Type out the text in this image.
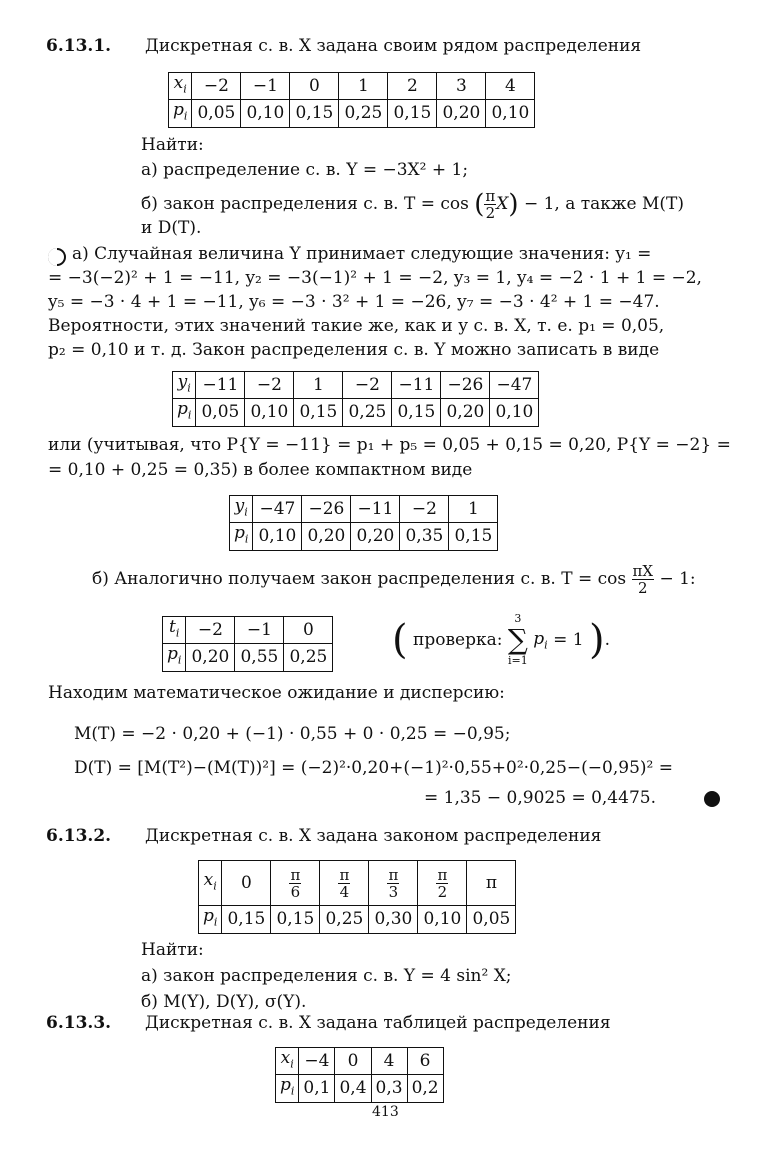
6.13.1. Дискретная с. в. X задана своим рядом распределения
$x_i$	−2	−1	0	1	2	3	4
$p_i$	0,05	0,10	0,15	0,25	0,15	0,20	0,10
Найти:
а) распределение с. в. Y = −3X² + 1;
б) закон распределения с. в. T = cos ( $\frac{\pi}{2} X) - 1$, а также M(T)
и D(T).
а) Случайная величина Y принимает следующие значения: y₁ =
= −3(−2)² + 1 = −11, y₂ = −3(−1)² + 1 = −2, y₃ = 1, y₄ = −2 · 1 + 1 = −2,
y₅ = −3 · 4 + 1 = −11, y₆ = −3 · 3² + 1 = −26, y₇ = −3 · 4² + 1 = −47.
Вероятности, этих значений такие же, как и у с. в. X, т. е. p₁ = 0,05,
p₂ = 0,10 и т. д. Закон распределения с. в. Y можно записать в виде
$y_i$	−11	−2	1	−2	−11	−26	−47
$p_i$	0,05	0,10	0,15	0,25	0,15	0,20	0,10
или (учитывая, что P{Y = −11} = p₁ + p₅ = 0,05 + 0,15 = 0,20, P{Y = −2} =
= 0,10 + 0,25 = 0,35) в более компактном виде
$y_i$	−47	−26	−11	−2	1
$p_i$	0,10	0,20	0,20	0,35	0,15
б) Аналогично получаем закон распределения с. в. $T = \cos \frac{\pi X}{2} - 1$:
$t_i$	−2	−1	0
$p_i$	0,20	0,55	0,25 ( проверка:
3
∑
i=1
$p_i = 1$ ).
Находим математическое ожидание и дисперсию:
M(T) = −2 · 0,20 + (−1) · 0,55 + 0 · 0,25 = −0,95;
D(T) = [M(T²)−(M(T))²] = (−2)²·0,20+(−1)²·0,55+0²·0,25−(−0,95)² =
= 1,35 − 0,9025 = 0,4475.
6.13.2. Дискретная с. в. X задана законом распределения
$x_i$	0	$\frac{\pi}{6}$	$\frac{\pi}{4}$	$\frac{\pi}{3}$	$\frac{\pi}{2}$	π
$p_i$	0,15	0,15	0,25	0,30	0,10	0,05
Найти:
а) закон распределения с. в. Y = 4 sin² X;
б) M(Y), D(Y), σ(Y).
6.13.3. Дискретная с. в. X задана таблицей распределения
$x_i$	−4	0	4	6
$p_i$	0,1	0,4	0,3	0,2
413
